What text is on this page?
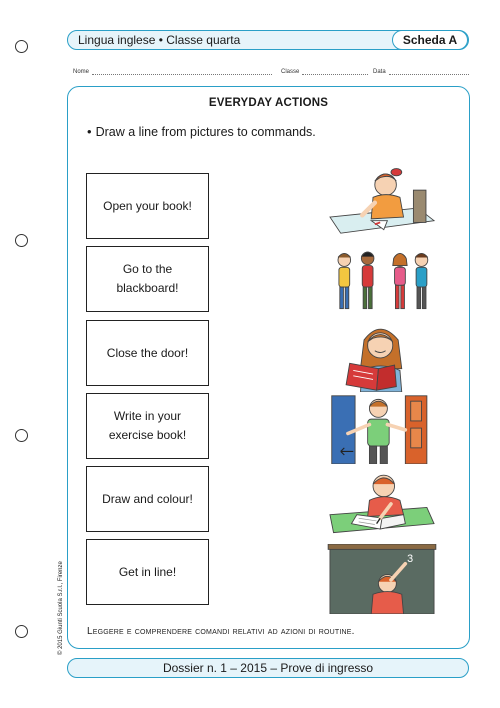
Lingua inglese • Classe quarta	Scheda A
Nome	Classe	Data
EVERYDAY ACTIONS
• Draw a line from pictures to commands.
Open your book!
Go to the blackboard!
Close the door!
Write in your exercise book!
Draw and colour!
Get in line!
3
Leggere e comprendere comandi relativi ad azioni di routine.
© 2015 Giunti Scuola S.r.l., Firenze
Dossier n. 1 – 2015 – Prove di ingresso
